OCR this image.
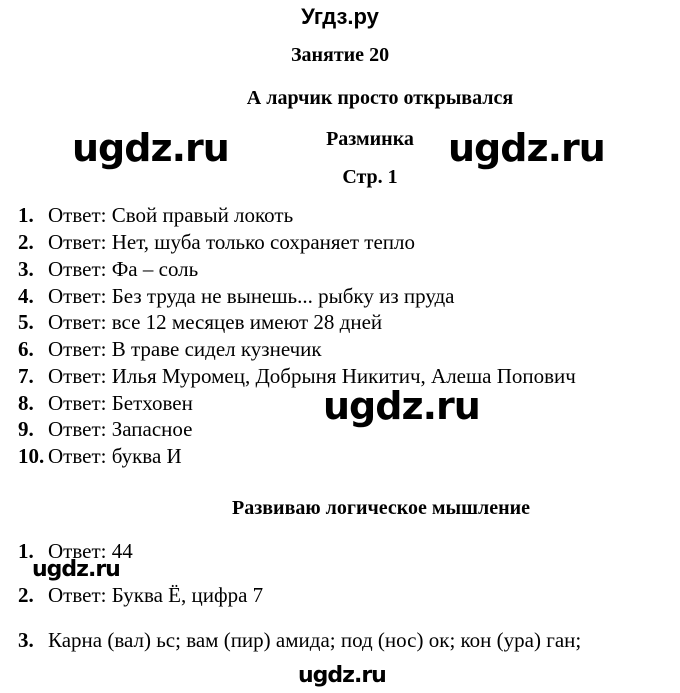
Угдз.ру
Занятие 20
А ларчик просто открывался
ugdz.ru	Разминка ugdz.ru
Стр. 1
1. Ответ: Свой правый локоть
2. Ответ: Нет, шуба только сохраняет тепло
3. Ответ: Фа – соль
4. Ответ: Без труда не вынешь... рыбку из пруда
5. Ответ: все 12 месяцев имеют 28 дней
6. Ответ: В траве сидел кузнечик
7. Ответ: Илья Муромец, Добрыня Никитич, Алеша Попович
8. Ответ: Бетховен
9. Ответ: Запасное
10. Ответ: буква И
ugdz.ru
Развиваю логическое мышление
1. Ответ: 44
2. Ответ: Буква Ё, цифра 7
3. Карна (вал) ьс; вам (пир) амида; под (нос) ок; кон (ура) ган;
ugdz.ru
ugdz.ru
